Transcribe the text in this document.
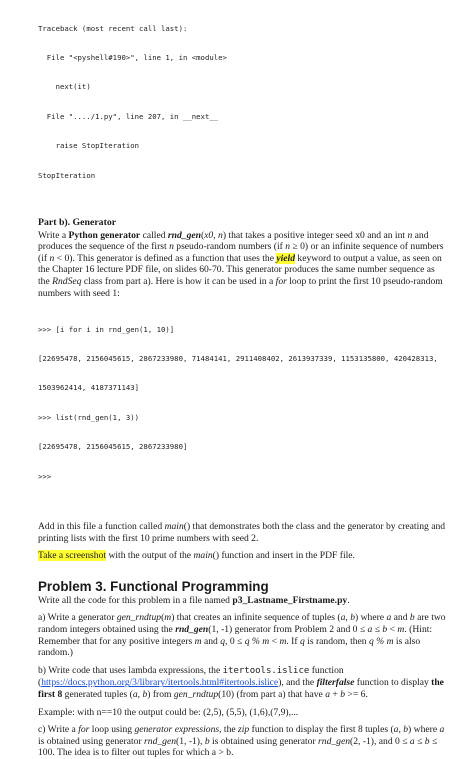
Traceback (most recent call last):

File "<pyshell#190>", line 1, in <module>

next(it)

File "..../1.py", line 207, in __next__

raise StopIteration

StopIteration

Part b). Generator

Write a Python generator called rnd_gen(x0, n) that takes a positive integer seed x0 and an int n and produces the sequence of the first n pseudo-random numbers (if n ≥ 0) or an infinite sequence of numbers (if n < 0). This generator is defined as a function that uses the yield keyword to output a value, as seen on the Chapter 16 lecture PDF file, on slides 60-70. This generator produces the same number sequence as the RndSeq class from part a). Here is how it can be used in a for loop to print the first 10 pseudo-random numbers with seed 1:

>>> [i for i in rnd_gen(1, 10)]

[22695478, 2156045615, 2867233980, 71484141, 2911408402, 2613937339, 1153135800, 420428313,

1503962414, 4187371143]

>>> list(rnd_gen(1, 3))

[22695478, 2156045615, 2867233980]

>>>

Add in this file a function called main() that demonstrates both the class and the generator by creating and printing lists with the first 10 prime numbers with seed 2.

Take a screenshot with the output of the main() function and insert in the PDF file.

Problem 3. Functional Programming

Write all the code for this problem in a file named p3_Lastname_Firstname.py.

a) Write a generator gen_rndtup(m) that creates an infinite sequence of tuples (a, b) where a and b are two random integers obtained using the rnd_gen(1, -1) generator from Problem 2 and 0 ≤ a ≤ b < m. (Hint: Remember that for any positive integers m and q, 0 ≤ q % m < m. If q is random, then q % m is also random.)

b) Write code that uses lambda expressions, the itertools.islice function (https://docs.python.org/3/library/itertools.html#itertools.islice), and the filterfalse function to display the first 8 generated tuples (a, b) from gen_rndtup(10) (from part a) that have a + b >= 6.

Example: with n==10 the output could be: (2,5), (5,5), (1,6),(7,9),...

c) Write a for loop using generator expressions, the zip function to display the first 8 tuples (a, b) where a is obtained using generator rnd_gen(1, -1), b is obtained using generator rnd_gen(2, -1), and 0 ≤ a ≤ b ≤ 100. The idea is to filter out tuples for which a > b.
